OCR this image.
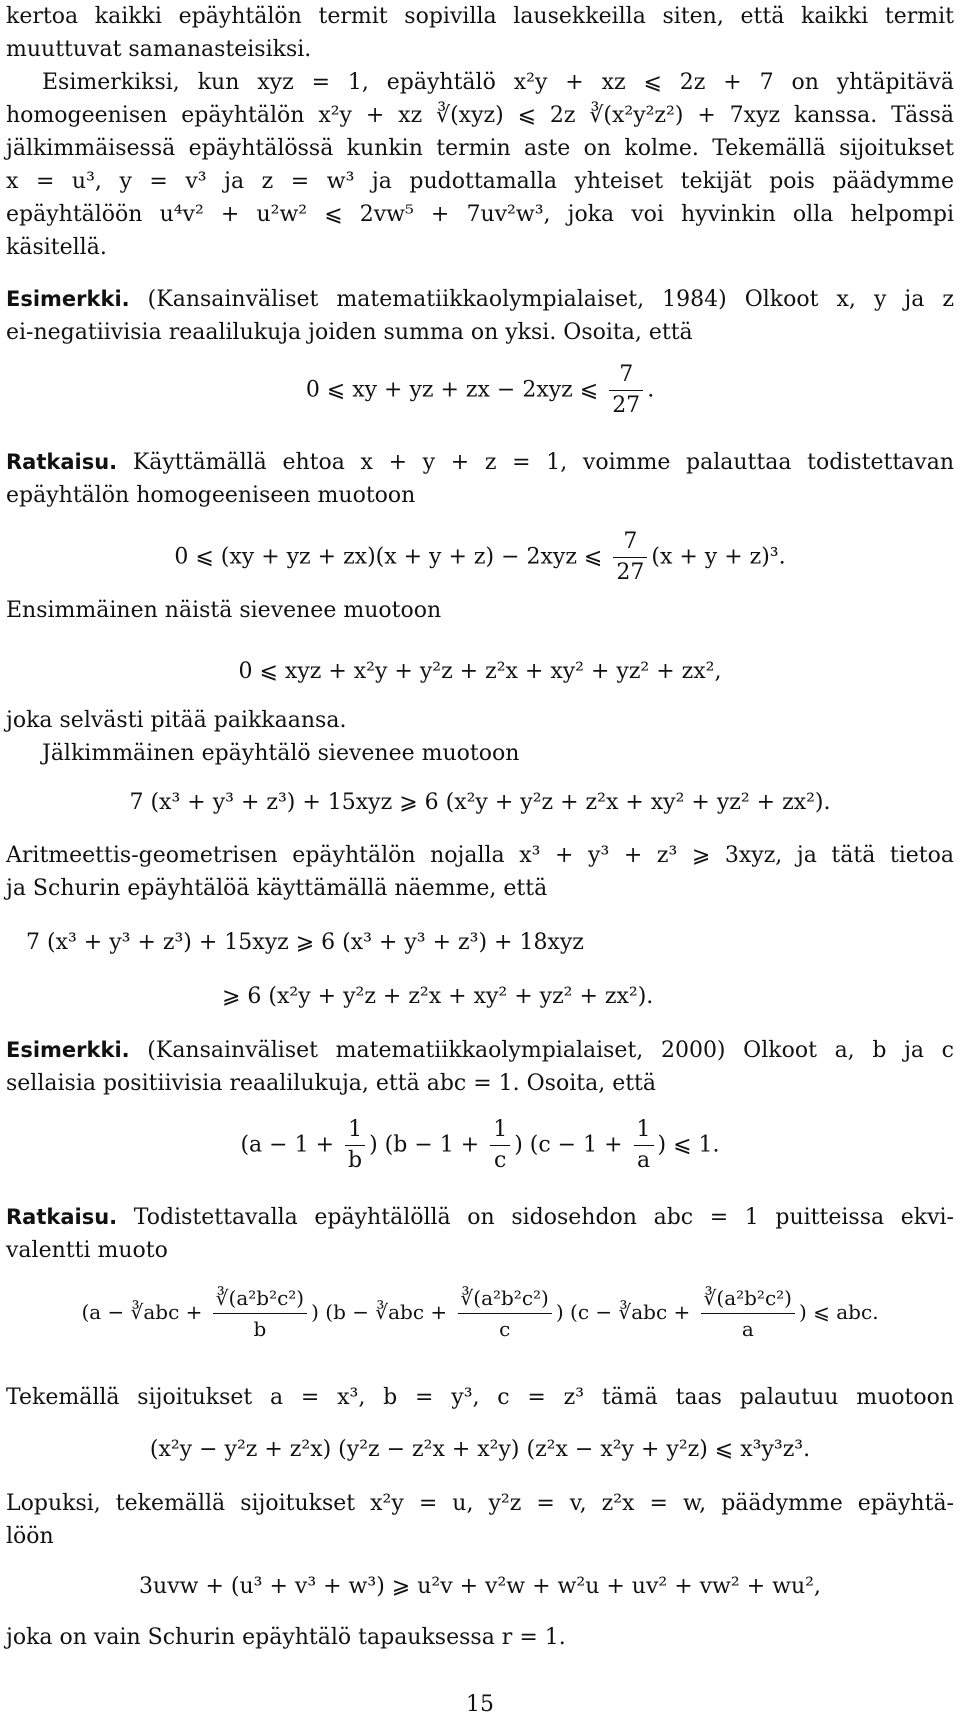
kertoa kaikki epäyhtälön termit sopivilla lausekkeilla siten, että kaikki termit
muuttuvat samanasteisiksi.
Esimerkiksi, kun xyz = 1, epäyhtälö x²y + xz ⩽ 2z + 7 on yhtäpitävä
homogeenisen epäyhtälön x²y + xz ∛(xyz) ⩽ 2z ∛(x²y²z²) + 7xyz kanssa. Tässä
jälkimmäisessä epäyhtälössä kunkin termin aste on kolme. Tekemällä sijoitukset
x = u³, y = v³ ja z = w³ ja pudottamalla yhteiset tekijät pois päädymme
epäyhtälöön u⁴v² + u²w² ⩽ 2vw⁵ + 7uv²w³, joka voi hyvinkin olla helpompi
käsitellä.
Esimerkki. (Kansainväliset matematiikkaolympialaiset, 1984) Olkoot x, y ja z
ei-negatiivisia reaalilukuja joiden summa on yksi. Osoita, että
0 ⩽ xy + yz + zx − 2xyz ⩽ $\frac{7}{27}$ .
Ratkaisu. Käyttämällä ehtoa x + y + z = 1, voimme palauttaa todistettavan
epäyhtälön homogeeniseen muotoon
0 ⩽ (xy + yz + zx)(x + y + z) − 2xyz ⩽ $\frac{7}{27} (x + y + z)^3$.
Ensimmäinen näistä sievenee muotoon
0 ⩽ xyz + x²y + y²z + z²x + xy² + yz² + zx²,
joka selvästi pitää paikkaansa.
Jälkimmäinen epäyhtälö sievenee muotoon
7 (x³ + y³ + z³) + 15xyz ⩾ 6 (x²y + y²z + z²x + xy² + yz² + zx²).
Aritmeettis-geometrisen epäyhtälön nojalla x³ + y³ + z³ ⩾ 3xyz, ja tätä tietoa
ja Schurin epäyhtälöä käyttämällä näemme, että
7 (x³ + y³ + z³) + 15xyz ⩾ 6 (x³ + y³ + z³) + 18xyz
⩾ 6 (x²y + y²z + z²x + xy² + yz² + zx²).
Esimerkki. (Kansainväliset matematiikkaolympialaiset, 2000) Olkoot a, b ja c
sellaisia positiivisia reaalilukuja, että abc = 1. Osoita, että
($a - 1 + \frac{1}{b}$ ) ($b - 1 + \frac{1}{c}$ ) ($c - 1 + \frac{1}{a}$ ) ⩽ 1.
Ratkaisu. Todistettavalla epäyhtälöllä on sidosehdon abc = 1 puitteissa ekvi-
valentti muoto
(a − ∛abc + $\frac{\text{∛(a²b²c²)}}{b}$ ) (b − ∛abc + $\frac{\text{∛(a²b²c²)}}{c}$ ) (c − ∛abc + $\frac{\text{∛(a²b²c²)}}{a}$ ) ⩽ abc.
Tekemällä sijoitukset a = x³, b = y³, c = z³ tämä taas palautuu muotoon
(x²y − y²z + z²x) (y²z − z²x + x²y) (z²x − x²y + y²z) ⩽ x³y³z³.
Lopuksi, tekemällä sijoitukset x²y = u, y²z = v, z²x = w, päädymme epäyhtä-
löön
3uvw + (u³ + v³ + w³) ⩾ u²v + v²w + w²u + uv² + vw² + wu²,
joka on vain Schurin epäyhtälö tapauksessa r = 1.
15
